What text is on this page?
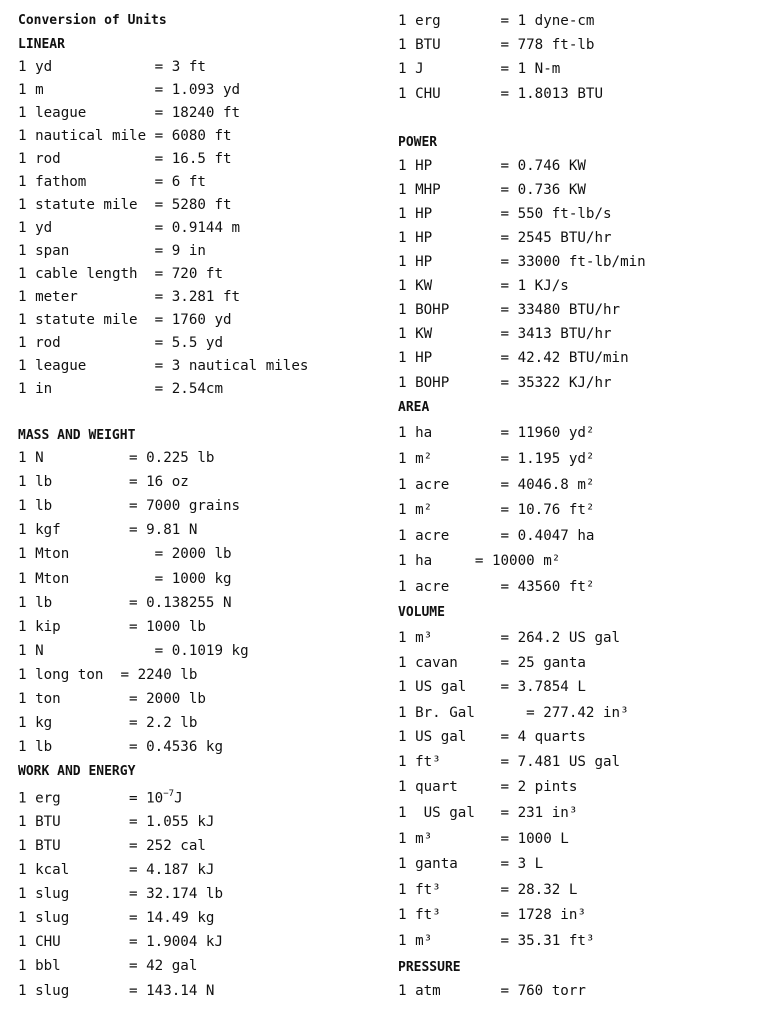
Conversion of Units
LINEAR
1 yd            = 3 ft
1 m             = 1.093 yd
1 league        = 18240 ft
1 nautical mile = 6080 ft
1 rod           = 16.5 ft
1 fathom        = 6 ft
1 statute mile  = 5280 ft
1 yd            = 0.9144 m
1 span          = 9 in
1 cable length  = 720 ft
1 meter         = 3.281 ft
1 statute mile  = 1760 yd
1 rod           = 5.5 yd
1 league        = 3 nautical miles
1 in            = 2.54cm
MASS AND WEIGHT
1 N          = 0.225 lb
1 lb         = 16 oz
1 lb         = 7000 grains
1 kgf        = 9.81 N
1 Mton          = 2000 lb
1 Mton          = 1000 kg
1 lb         = 0.138255 N
1 kip        = 1000 lb
1 N             = 0.1019 kg
1 long ton  = 2240 lb
1 ton        = 2000 lb
1 kg         = 2.2 lb
1 lb         = 0.4536 kg
WORK AND ENERGY
1 erg        = $10^{-7}J$
1 BTU        = 1.055 kJ
1 BTU        = 252 cal
1 kcal       = 4.187 kJ
1 slug       = 32.174 lb
1 slug       = 14.49 kg
1 CHU        = 1.9004 kJ
1 bbl        = 42 gal
1 slug       = 143.14 N
1 erg       = 1 dyne-cm
1 BTU       = 778 ft-lb
1 J         = 1 N-m
1 CHU       = 1.8013 BTU
POWER
1 HP        = 0.746 KW
1 MHP       = 0.736 KW
1 HP        = 550 ft-lb/s
1 HP        = 2545 BTU/hr
1 HP        = 33000 ft-lb/min
1 KW        = 1 KJ/s
1 BOHP      = 33480 BTU/hr
1 KW        = 3413 BTU/hr
1 HP        = 42.42 BTU/min
1 BOHP      = 35322 KJ/hr
AREA
1 ha        = 11960 yd²
1 m²        = 1.195 yd²
1 acre      = 4046.8 m²
1 m²        = 10.76 ft²
1 acre      = 0.4047 ha
1 ha     = 10000 m²
1 acre      = 43560 ft²
VOLUME
1 m³        = 264.2 US gal
1 cavan     = 25 ganta
1 US gal    = 3.7854 L
1 Br. Gal      = 277.42 in³
1 US gal    = 4 quarts
1 ft³       = 7.481 US gal
1 quart     = 2 pints
1  US gal   = 231 in³
1 m³        = 1000 L
1 ganta     = 3 L
1 ft³       = 28.32 L
1 ft³       = 1728 in³
1 m³        = 35.31 ft³
PRESSURE
1 atm       = 760 torr
